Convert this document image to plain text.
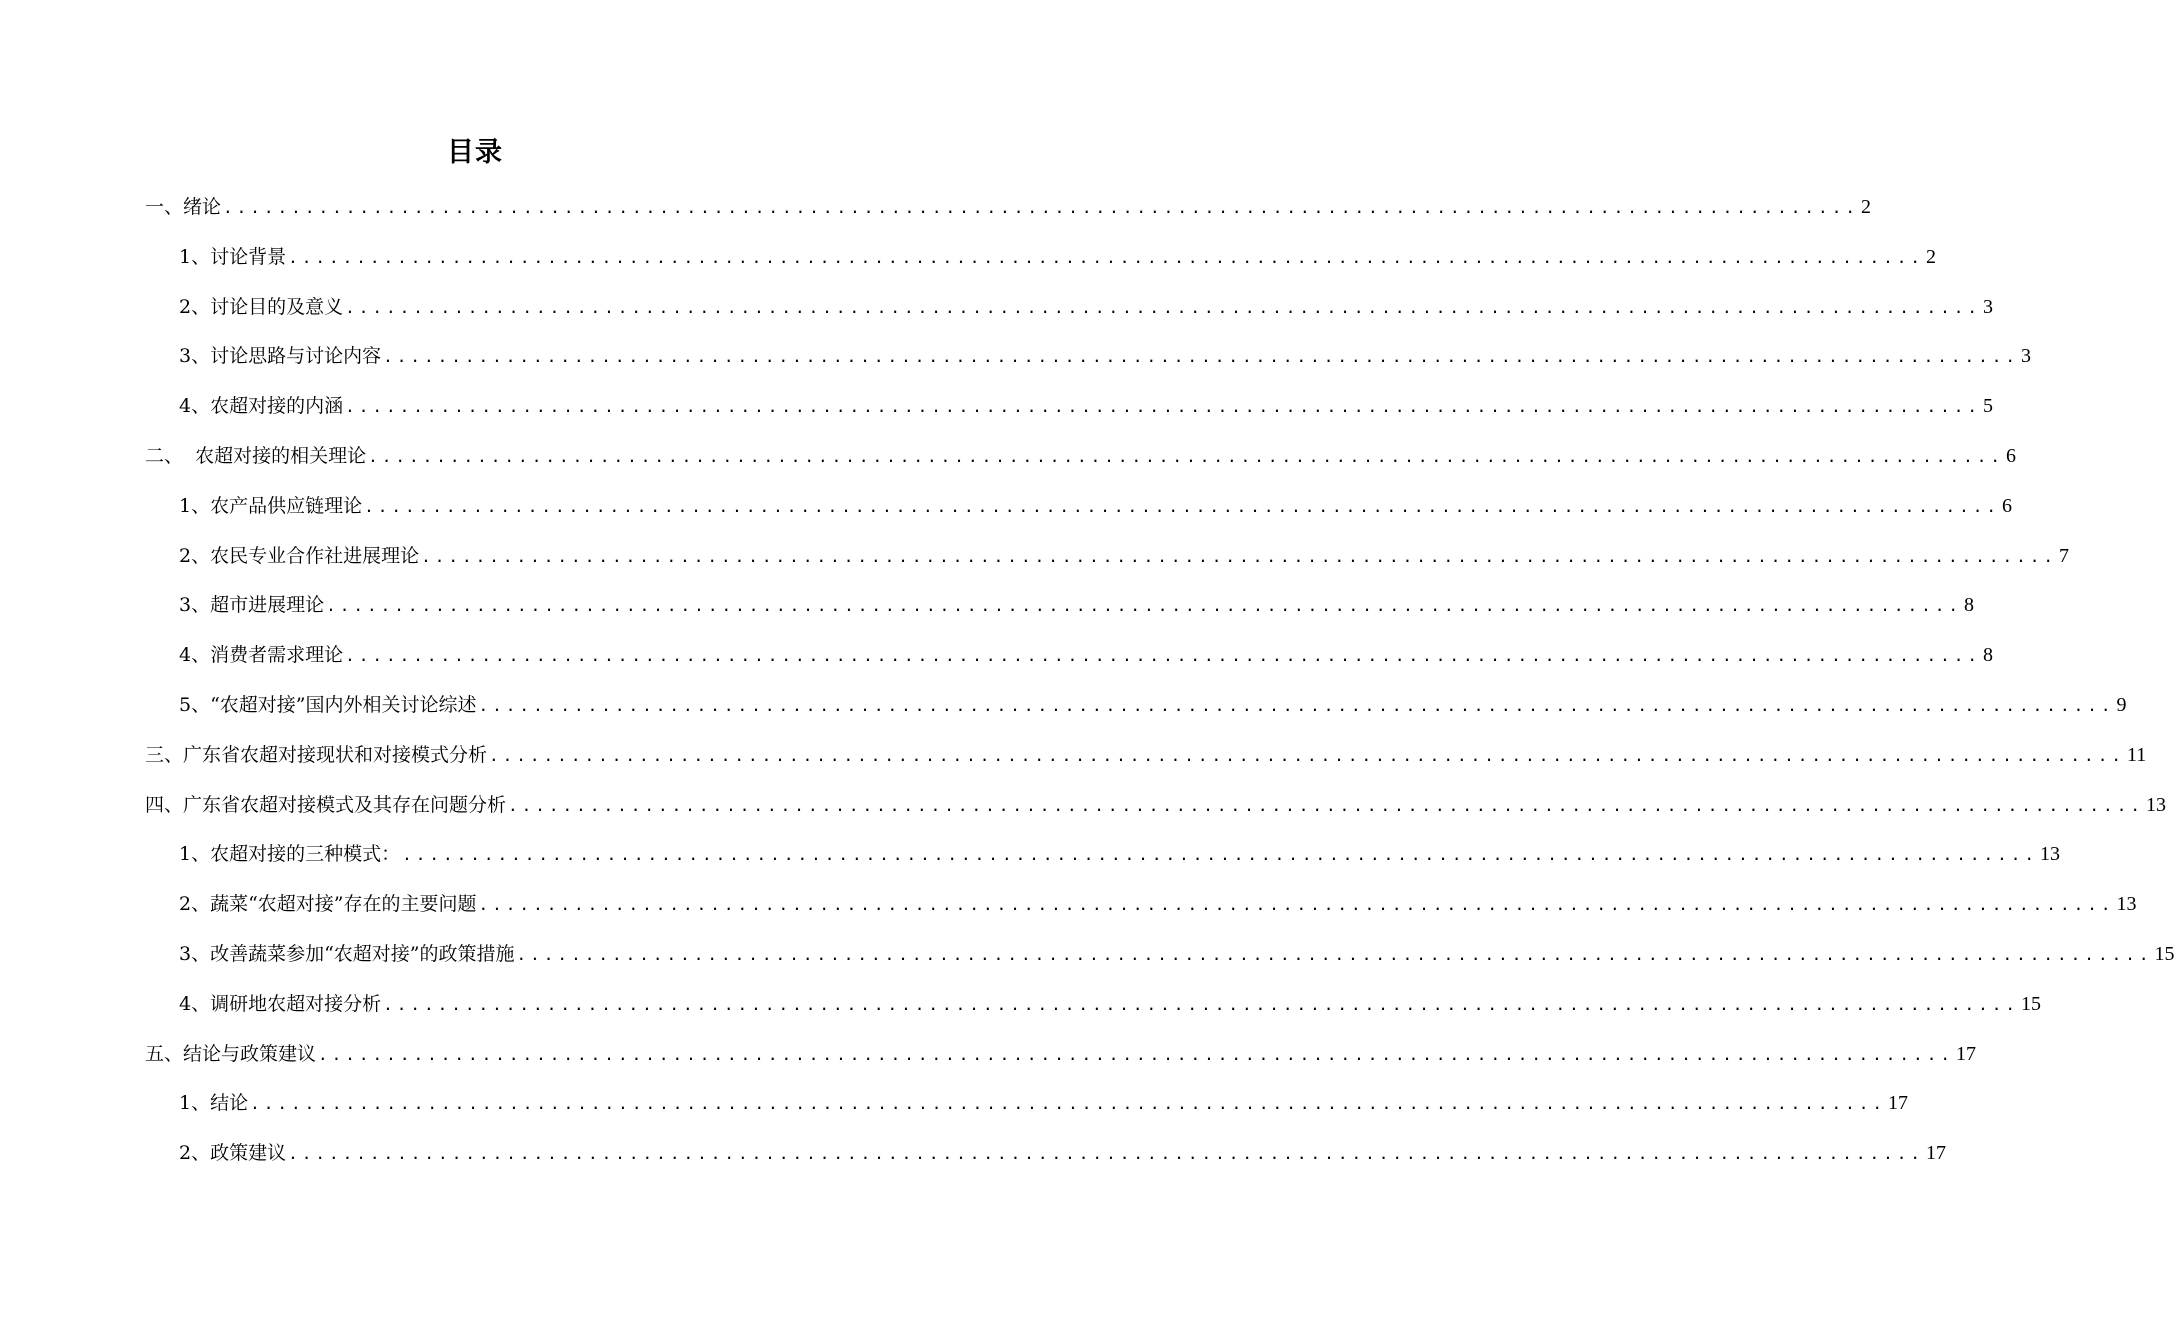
目录
一、绪论 ........................................................................................................................ 2
1、讨论背景 ........................................................................................................................ 2
2、讨论目的及意义 ........................................................................................................................ 3
3、讨论思路与讨论内容 ........................................................................................................................ 3
4、农超对接的内涵 ........................................................................................................................ 5
二、  农超对接的相关理论 ........................................................................................................................ 6
1、农产品供应链理论 ........................................................................................................................ 6
2、农民专业合作社进展理论 ........................................................................................................................ 7
3、超市进展理论 ........................................................................................................................ 8
4、消费者需求理论 ........................................................................................................................ 8
5、“农超对接”国内外相关讨论综述 ........................................................................................................................ 9
三、广东省农超对接现状和对接模式分析 ........................................................................................................................ 11
四、广东省农超对接模式及其存在问题分析 ........................................................................................................................ 13
1、农超对接的三种模式： ........................................................................................................................ 13
2、蔬菜“农超对接”存在的主要问题 ........................................................................................................................ 13
3、改善蔬菜参加“农超对接”的政策措施 ........................................................................................................................ 15
4、调研地农超对接分析 ........................................................................................................................ 15
五、结论与政策建议 ........................................................................................................................ 17
1、结论 ........................................................................................................................ 17
2、政策建议 ........................................................................................................................ 17
